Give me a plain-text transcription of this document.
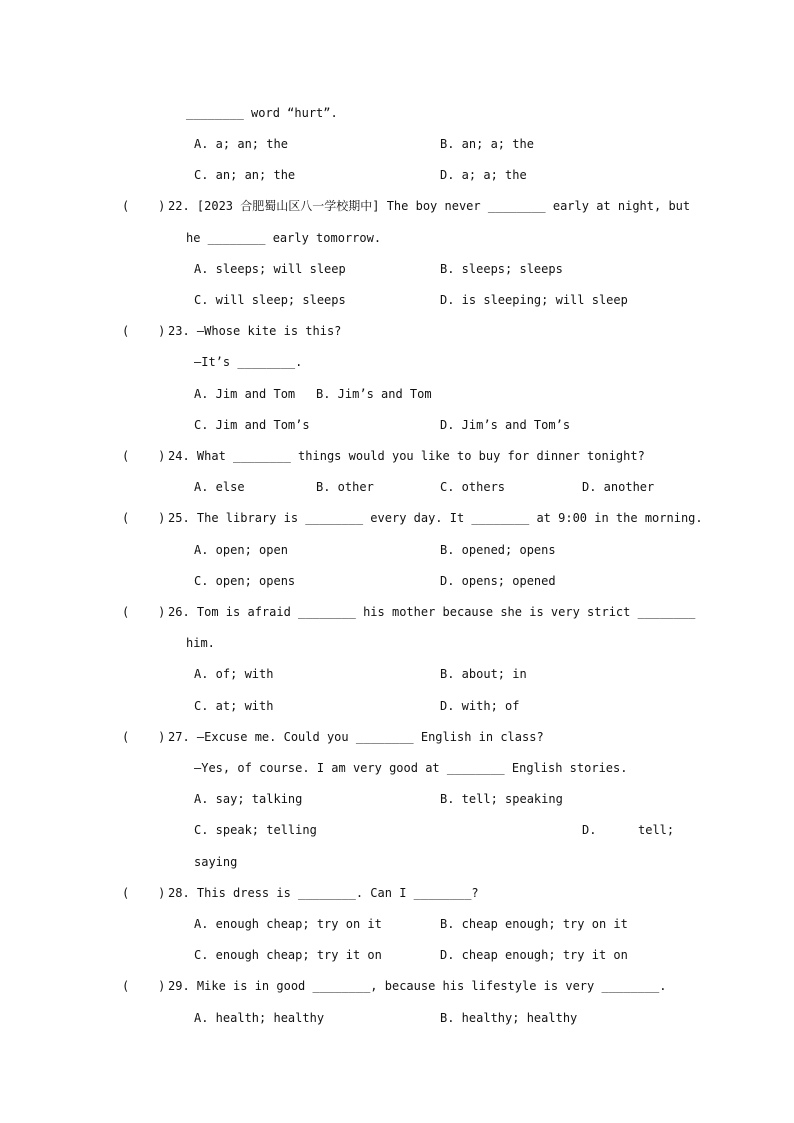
________ word “hurt”.
A. a; an; the	B. an; a; the
C. an; an; the	D. a; a; the
(    ) 22. [2023 合肥蜀山区八一学校期中] The boy never ________ early at night, but
he ________ early tomorrow.
A. sleeps; will sleep	B. sleeps; sleeps
C. will sleep; sleeps	D. is sleeping; will sleep
(    ) 23. —Whose kite is this?
—It’s ________.
A. Jim and Tom B. Jim’s and Tom
C. Jim and Tom’s	D. Jim’s and Tom’s
(    ) 24. What ________ things would you like to buy for dinner tonight?
A. else	B. other	C. others	D. another
(    ) 25. The library is ________ every day. It ________ at 9:00 in the morning.
A. open; open	B. opened; opens
C. open; opens	D. opens; opened
(    ) 26. Tom is afraid ________ his mother because she is very strict ________
him.
A. of; with	B. about; in
C. at; with	D. with; of
(    ) 27. —Excuse me. Could you ________ English in class?
—Yes, of course. I am very good at ________ English stories.
A. say; talking	B. tell; speaking
C. speak; telling	D.	tell;
saying
(    ) 28. This dress is ________. Can I ________?
A. enough cheap; try on it	B. cheap enough; try on it
C. enough cheap; try it on	D. cheap enough; try it on
(    ) 29. Mike is in good ________, because his lifestyle is very ________.
A. health; healthy	B. healthy; healthy
